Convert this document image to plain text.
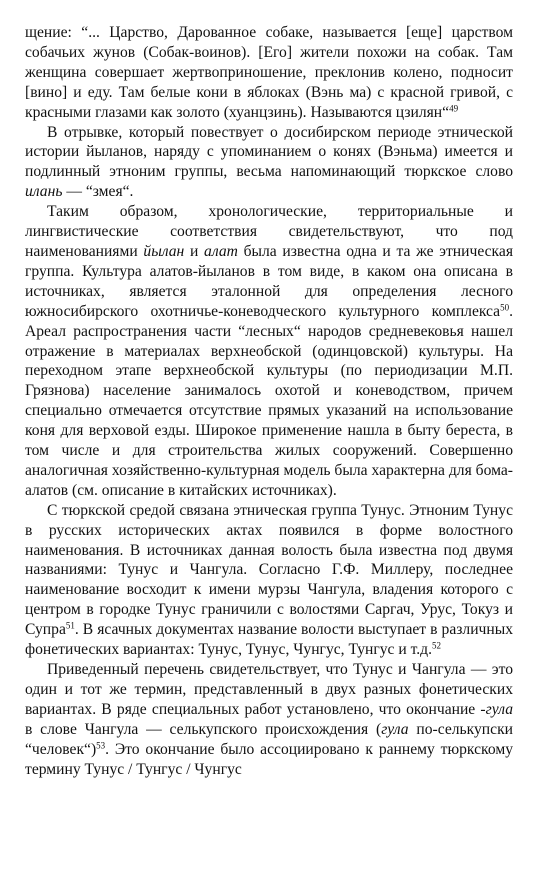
щение: “... Царство, Дарованное собаке, называется [еще] царством собачьих жунов (Собак-воинов). [Его] жители похожи на собак. Там женщина совершает жертвоприношение, преклонив колено, подносит [вино] и еду. Там белые кони в яблоках (Вэнь ма) с красной гривой, с красными глазами как золото (хуанцзинь). Называются цзилян“$^{49}$

В отрывке, который повествует о досибирском периоде этнической истории йыланов, наряду с упоминанием о конях (Вэньма) имеется и подлинный этноним группы, весьма напоминающий тюркское слово илань — “змея“.

Таким образом, хронологические, территориальные и лингвистические соответствия свидетельствуют, что под наименованиями йылан и алат была известна одна и та же этническая группа. Культура алатов-йыланов в том виде, в каком она описана в источниках, является эталонной для определения лесного южносибирского охотничье-коневодческого культурного комплекса$^{50}$. Ареал распространения части “лесных“ народов средневековья нашел отражение в материалах верхнеобской (одинцовской) культуры. На переходном этапе верхнеобской культуры (по периодизации М.П. Грязнова) население занималось охотой и коневодством, причем специально отмечается отсутствие прямых указаний на использование коня для верховой езды. Широкое применение нашла в быту береста, в том числе и для строительства жилых сооружений. Совершенно аналогичная хозяйственно-культурная модель была характерна для бома-алатов (см. описание в китайских источниках).

С тюркской средой связана этническая группа Тунус. Этноним Тунус в русских исторических актах появился в форме волостного наименования. В источниках данная волость была известна под двумя названиями: Тунус и Чангула. Согласно Г.Ф. Миллеру, последнее наименование восходит к имени мурзы Чангула, владения которого с центром в городке Тунус граничили с волостями Саргач, Урус, Токуз и Супра$^{51}$. В ясачных документах название волости выступает в различных фонетических вариантах: Тунус, Тунус, Чунгус, Тунгус и т.д.$^{52}$

Приведенный перечень свидетельствует, что Тунус и Чангула — это один и тот же термин, представленный в двух разных фонетических вариантах. В ряде специальных работ установлено, что окончание -гула в слове Чангула — селькупского происхождения (гула по-селькупски “человек“)$^{53}$. Это окончание было ассоциировано к раннему тюркскому термину Тунус / Тунгус / Чунгус
